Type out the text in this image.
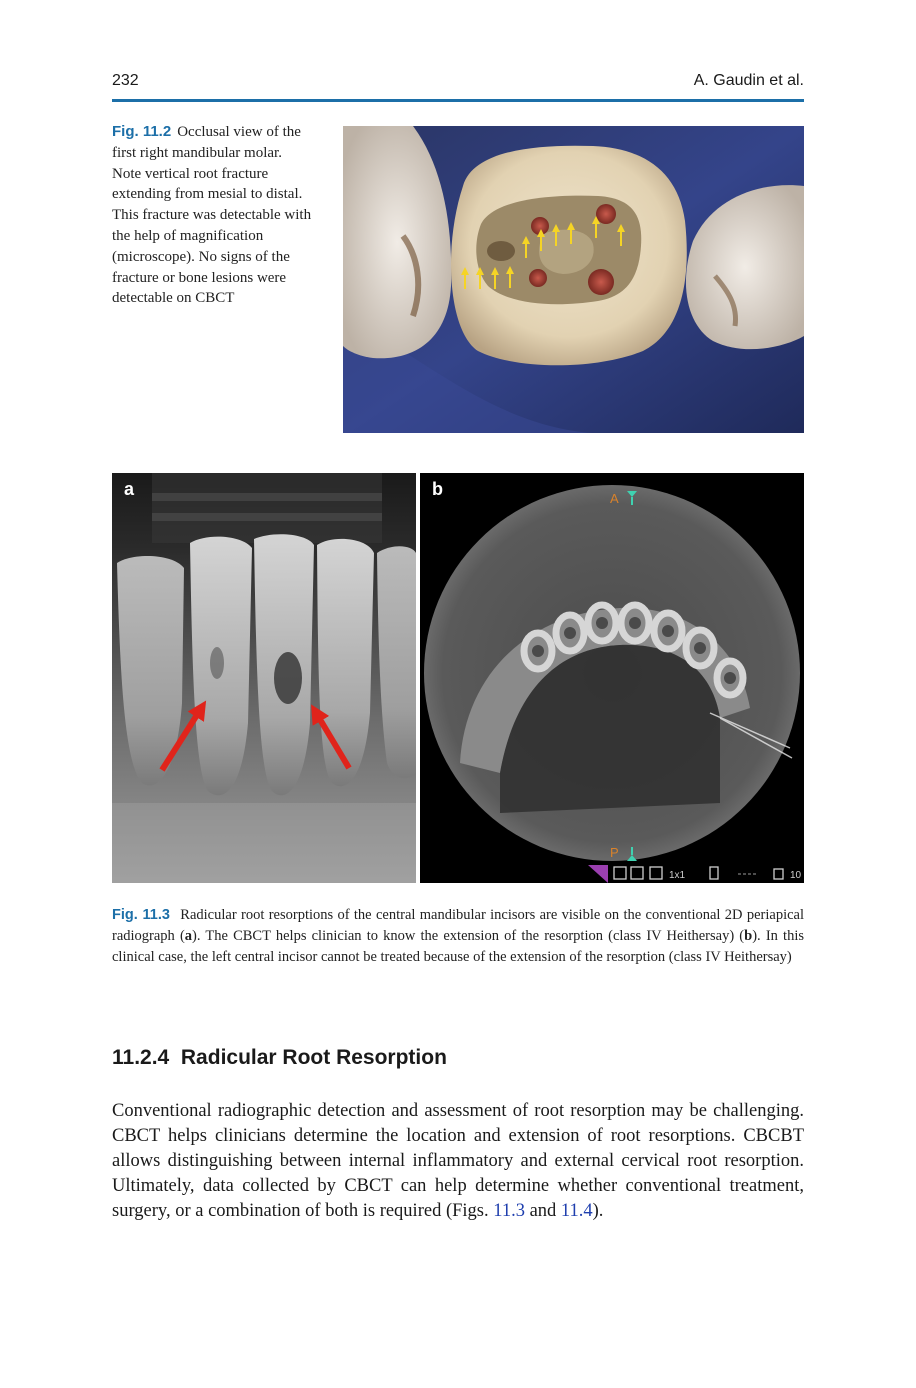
232	A. Gaudin et al.
Fig. 11.2 Occlusal view of the first right mandibular molar. Note vertical root fracture extending from mesial to distal. This fracture was detectable with the help of magnification (microscope). No signs of the fracture or bone lesions were detectable on CBCT
a	A
P
1x1	10
b
Fig. 11.3 Radicular root resorptions of the central mandibular incisors are visible on the conventional 2D periapical radiograph (a). The CBCT helps clinician to know the extension of the resorption (class IV Heithersay) (b). In this clinical case, the left central incisor cannot be treated because of the extension of the resorption (class IV Heithersay)
11.2.4  Radicular Root Resorption
Conventional radiographic detection and assessment of root resorption may be challenging. CBCT helps clinicians determine the location and extension of root resorptions. CBCBT allows distinguishing between internal inflammatory and external cervical root resorption. Ultimately, data collected by CBCT can help determine whether conventional treatment, surgery, or a combination of both is required (Figs. 11.3 and 11.4).
